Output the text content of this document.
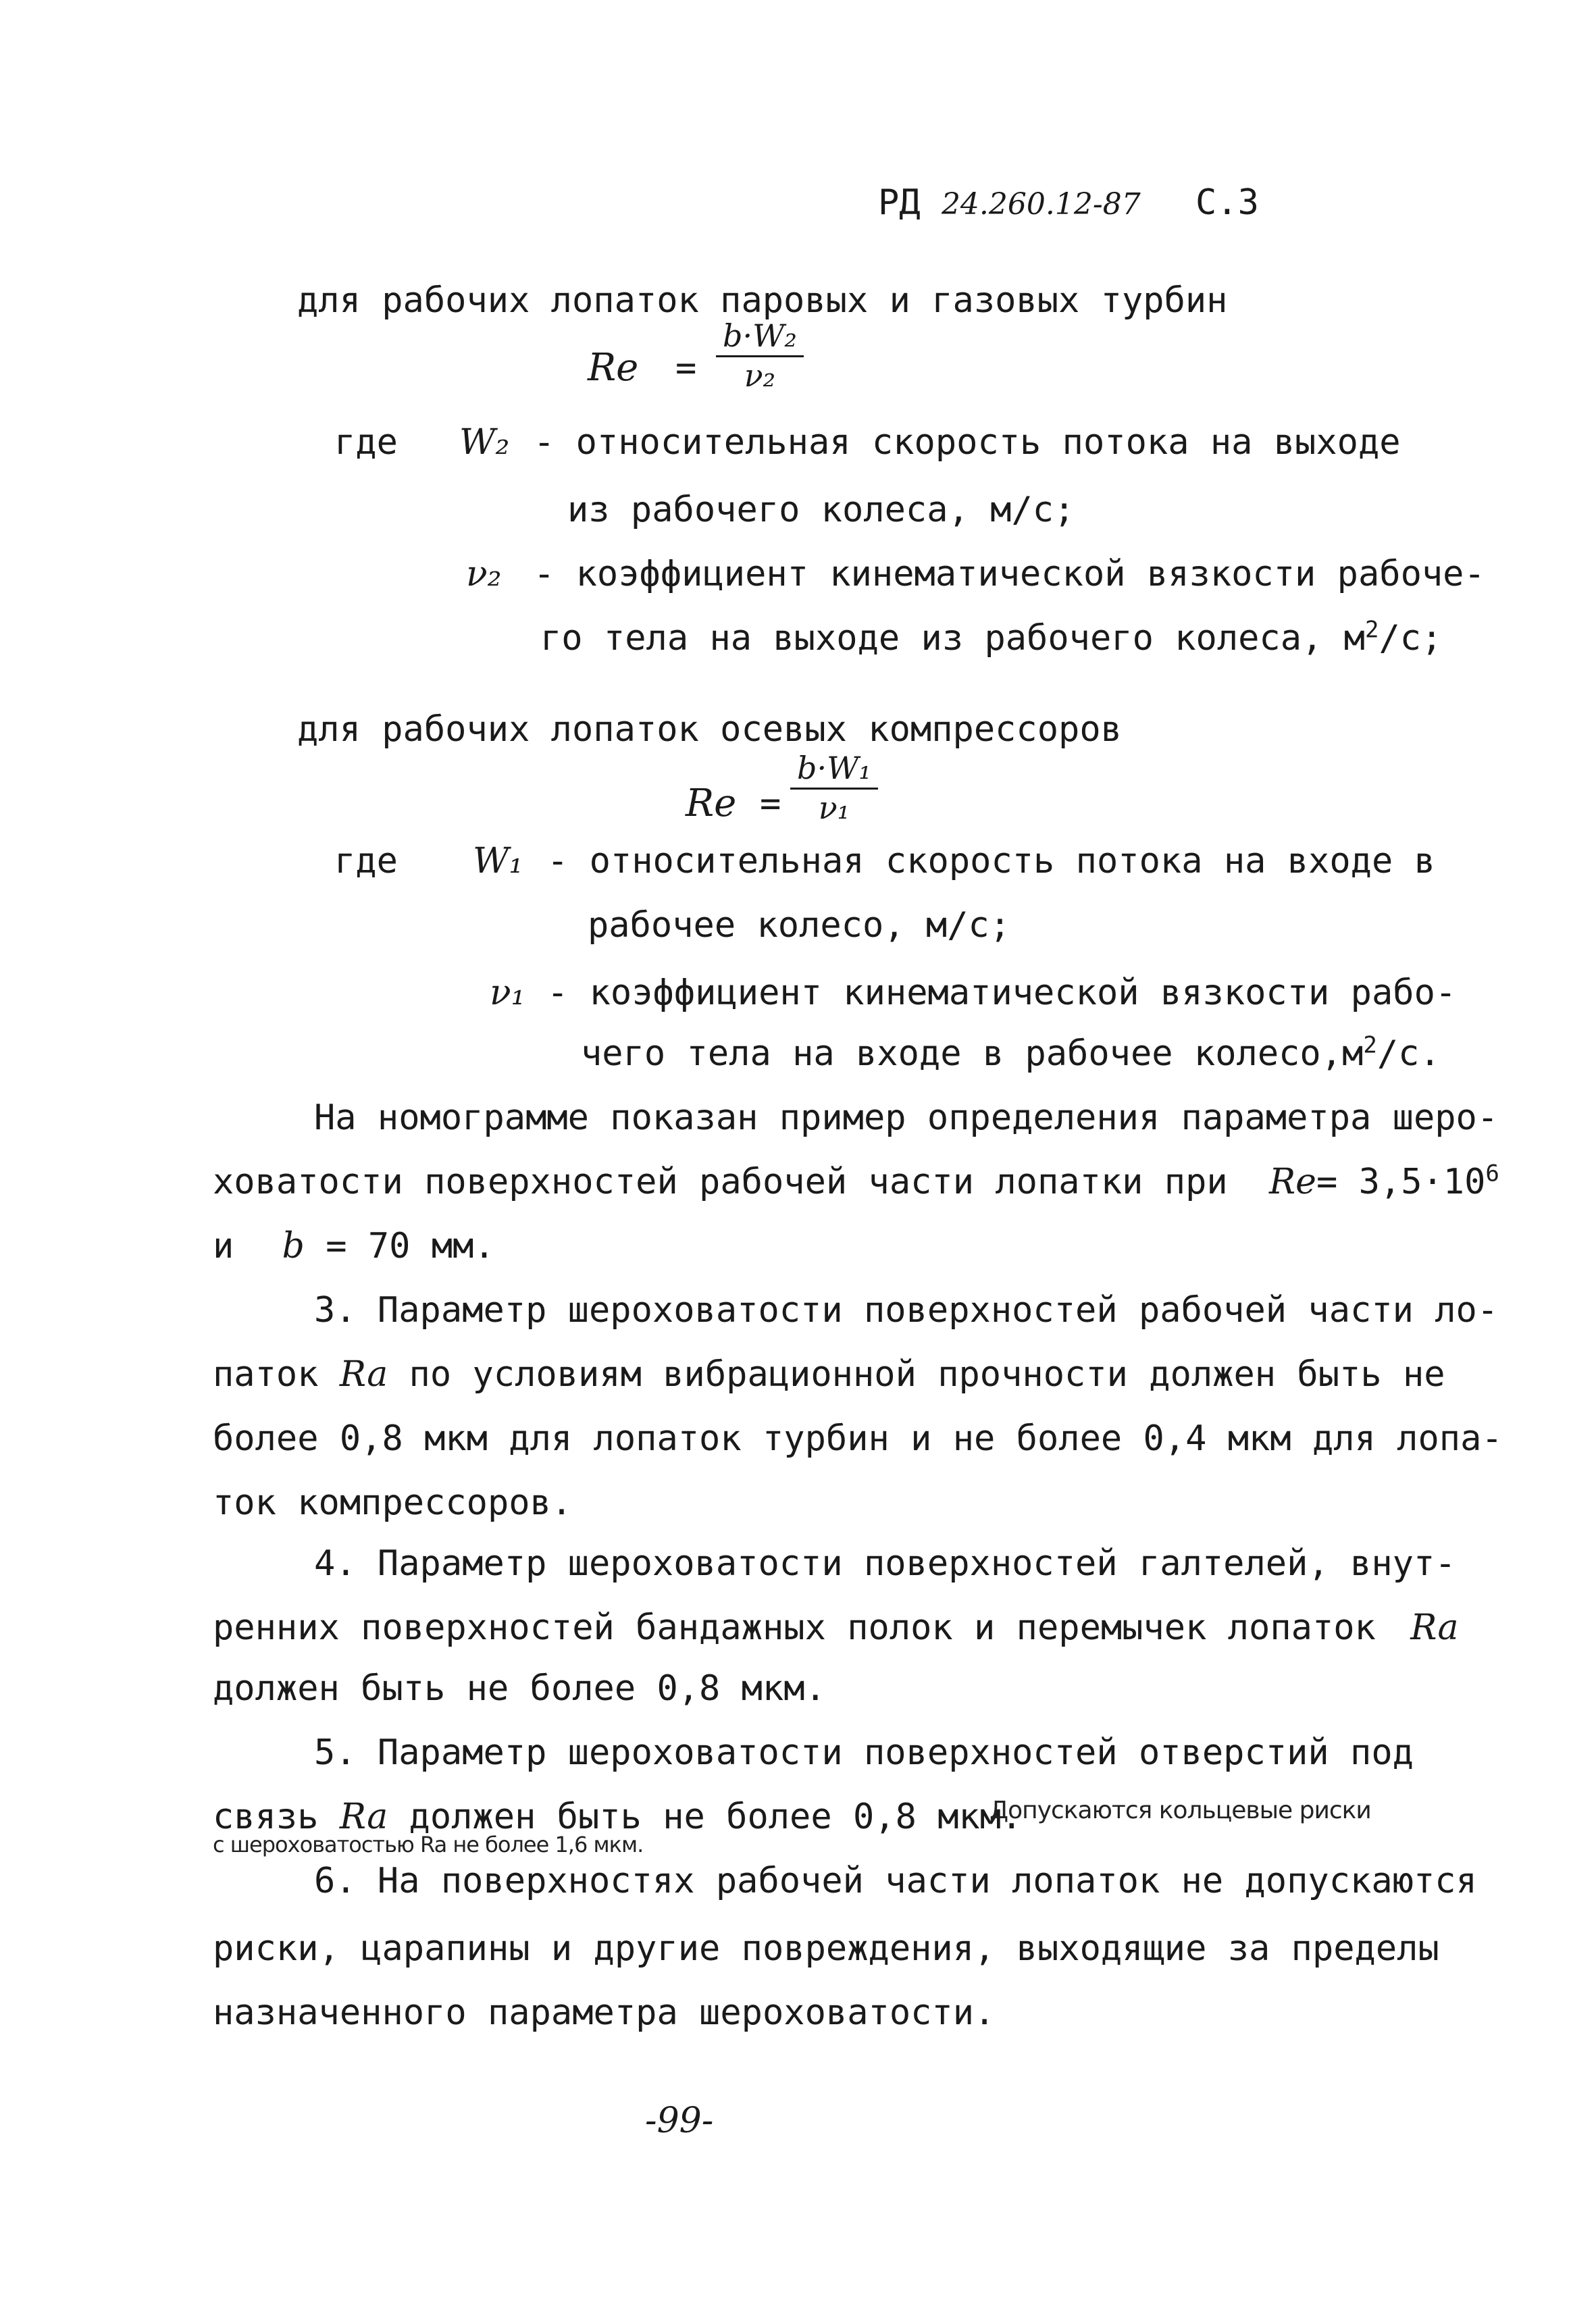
РД 24.260.12-87 С.3
для рабочих лопаток паровых и газовых турбин
$Re = \frac{\text{b·W₂}}{\text{ν₂}}$
где W₂ - относительная скорость потока на выходе
из рабочего колеса, м/с;
ν₂ - коэффициент кинематической вязкости рабоче-
го тела на выходе из рабочего колеса, $м^2/с$;
для рабочих лопаток осевых компрессоров
$Re = \frac{\text{b·W₁}}{\text{ν₁}}$
где W₁ - относительная скорость потока на входе в
рабочее колесо, м/с;
ν₁ - коэффициент кинематической вязкости рабо-
чего тела на входе в рабочее $колесо,м^2/с$.
На номограмме показан пример определения параметра шеро-
ховатости поверхностей рабочей части лопатки при $Re= 3,5\cdot 10^6$
и b = 70 мм.
3. Параметр шероховатости поверхностей рабочей части ло-
паток Ra по условиям вибрационной прочности должен быть не
более 0,8 мкм для лопаток турбин и не более 0,4 мкм для лопа-
ток компрессоров.
4. Параметр шероховатости поверхностей галтелей, внут-
ренних поверхностей бандажных полок и перемычек лопаток Ra
должен быть не более 0,8 мкм.
5. Параметр шероховатости поверхностей отверстий под
связь Ra должен быть не более 0,8 мкм.
Допускаются кольцевые риски
с шероховатостью Ra не более 1,6 мкм.
6. На поверхностях рабочей части лопаток не допускаются
риски, царапины и другие повреждения, выходящие за пределы
назначенного параметра шероховатости.
-99-
